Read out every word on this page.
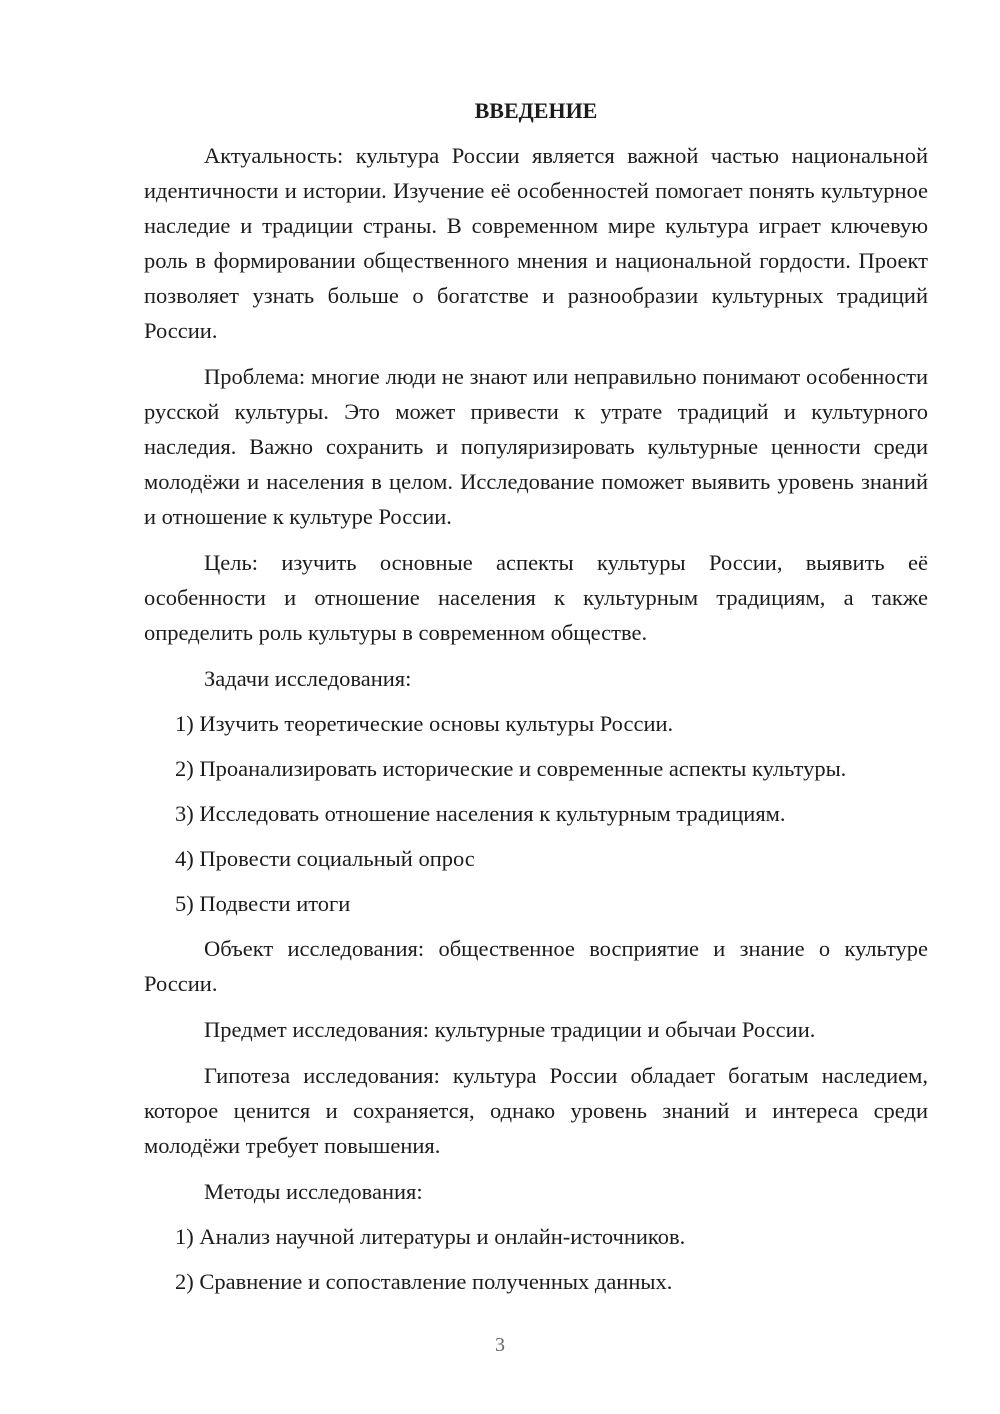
ВВЕДЕНИЕ

Актуальность: культура России является важной частью национальной идентичности и истории. Изучение её особенностей помогает понять культурное наследие и традиции страны. В современном мире культура играет ключевую роль в формировании общественного мнения и национальной гордости. Проект позволяет узнать больше о богатстве и разнообразии культурных традиций России.

Проблема: многие люди не знают или неправильно понимают особенности русской культуры. Это может привести к утрате традиций и культурного наследия. Важно сохранить и популяризировать культурные ценности среди молодёжи и населения в целом. Исследование поможет выявить уровень знаний и отношение к культуре России.

Цель: изучить основные аспекты культуры России, выявить её особенности и отношение населения к культурным традициям, а также определить роль культуры в современном обществе.

Задачи исследования:

1) Изучить теоретические основы культуры России.
2) Проанализировать исторические и современные аспекты культуры.
3) Исследовать отношение населения к культурным традициям.
4) Провести социальный опрос
5) Подвести итоги

Объект исследования: общественное восприятие и знание о культуре России.

Предмет исследования: культурные традиции и обычаи России.

Гипотеза исследования: культура России обладает богатым наследием, которое ценится и сохраняется, однако уровень знаний и интереса среди молодёжи требует повышения.

Методы исследования:

1) Анализ научной литературы и онлайн-источников.
2) Сравнение и сопоставление полученных данных.
3
